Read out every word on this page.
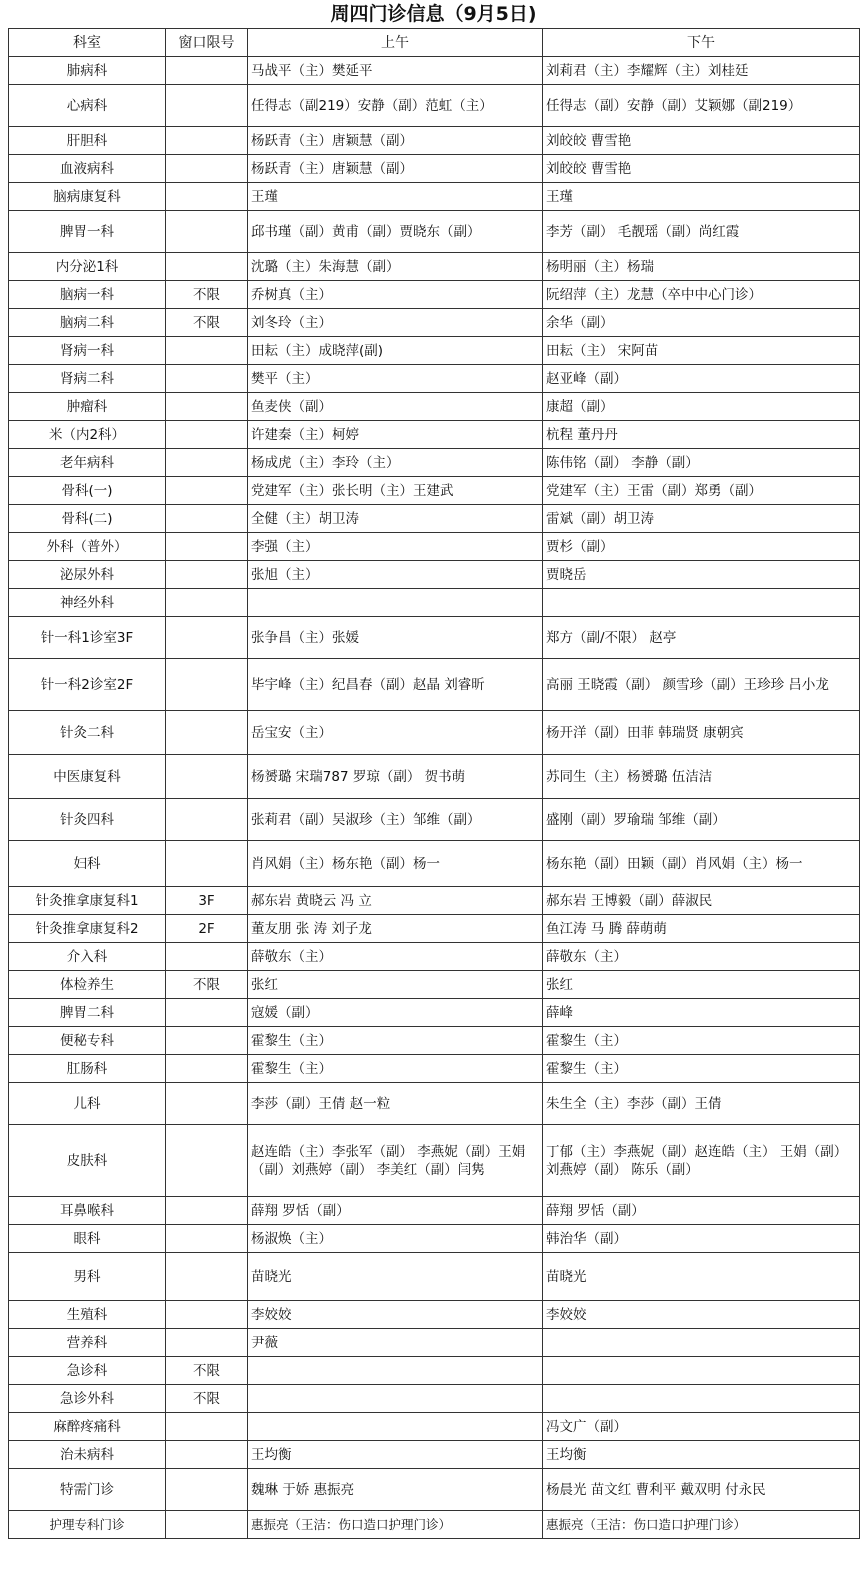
周四门诊信息（9月5日)
科室	窗口限号	上午	下午
肺病科		马战平（主）樊延平	刘莉君（主）李耀辉（主）刘桂廷
心病科		任得志（副219）安静（副）范虹（主）	任得志（副）安静（副）艾颖娜（副219）
肝胆科		杨跃青（主）唐颖慧（副）	刘皎皎 曹雪艳
血液病科		杨跃青（主）唐颖慧（副）	刘皎皎 曹雪艳
脑病康复科		王瑾	王瑾
脾胃一科		邱书瑾（副）黄甫（副）贾晓东（副）	李芳（副） 毛靓瑶（副）尚红霞
内分泌1科		沈璐（主）朱海慧（副）	杨明丽（主）杨瑞
脑病一科	不限	乔树真（主）	阮绍萍（主）龙慧（卒中中心门诊）
脑病二科	不限	刘冬玲（主）	余华（副）
肾病一科		田耘（主）成晓萍(副)	田耘（主） 宋阿苗
肾病二科		樊平（主）	赵亚峰（副）
肿瘤科		鱼麦侠（副）	康超（副）
米（内2科）		许建秦（主）柯婷	杭程 董丹丹
老年病科		杨成虎（主）李玲（主）	陈伟铭（副） 李静（副）
骨科(一)		党建军（主）张长明（主）王建武	党建军（主）王雷（副）郑勇（副）
骨科(二)		全健（主）胡卫涛	雷斌（副）胡卫涛
外科（普外）		李强（主）	贾杉（副）
泌尿外科		张旭（主）	贾晓岳
神经外科			
针一科1诊室3F		张争昌（主）张媛	郑方（副/不限） 赵亭
针一科2诊室2F		毕宇峰（主）纪昌春（副）赵晶 刘睿昕	高丽 王晓霞（副） 颜雪珍（副）王珍珍 吕小龙
针灸二科		岳宝安（主）	杨开洋（副）田菲 韩瑞贤 康朝宾
中医康复科		杨赟璐 宋瑞787 罗琼（副） 贺书萌	苏同生（主）杨赟璐 伍洁洁
针灸四科		张莉君（副）吴淑珍（主）邹维（副）	盛刚（副）罗瑜瑞 邹维（副）
妇科		肖风娟（主）杨东艳（副）杨一	杨东艳（副）田颖（副）肖风娟（主）杨一
针灸推拿康复科1	3F	郝东岩 黄晓云 冯 立	郝东岩 王博毅（副）薛淑民
针灸推拿康复科2	2F	董友朋 张 涛 刘子龙	鱼江涛 马 腾 薛萌萌
介入科		薛敬东（主）	薛敬东（主）
体检养生	不限	张红	张红
脾胃二科		寇媛（副）	薛峰
便秘专科		霍黎生（主）	霍黎生（主）
肛肠科		霍黎生（主）	霍黎生（主）
儿科		李莎（副）王倩 赵一粒	朱生全（主）李莎（副）王倩
皮肤科		赵连皓（主）李张军（副） 李燕妮（副）王娟（副）刘燕婷（副） 李美红（副）闫隽	丁郁（主）李燕妮（副）赵连皓（主） 王娟（副）刘燕婷（副） 陈乐（副）
耳鼻喉科		薛翔 罗恬（副）	薛翔 罗恬（副）
眼科		杨淑焕（主）	韩治华（副）
男科		苗晓光	苗晓光
生殖科		李姣姣	李姣姣
营养科		尹薇	
急诊科	不限		
急诊外科	不限		
麻醉疼痛科			冯文广（副）
治未病科		王均衡	王均衡
特需门诊		魏琳 于娇 惠振亮	杨晨光 苗文红 曹利平 戴双明 付永民
护理专科门诊		惠振亮（王洁：伤口造口护理门诊）	惠振亮（王洁：伤口造口护理门诊）
